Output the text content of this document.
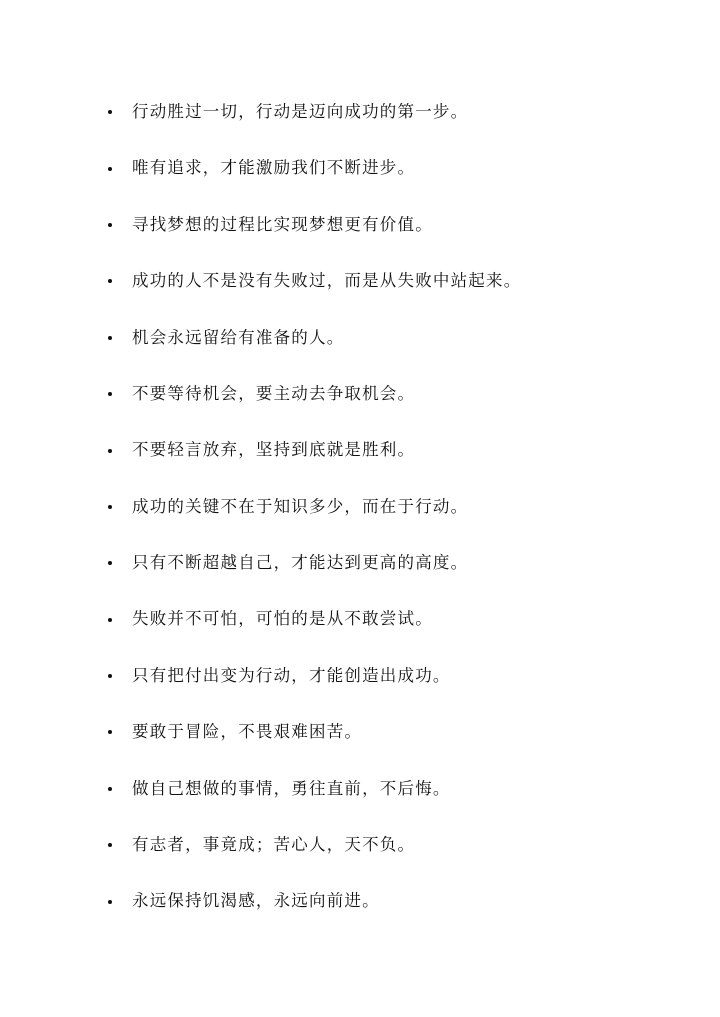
行动胜过一切，行动是迈向成功的第一步。
唯有追求，才能激励我们不断进步。
寻找梦想的过程比实现梦想更有价值。
成功的人不是没有失败过，而是从失败中站起来。
机会永远留给有准备的人。
不要等待机会，要主动去争取机会。
不要轻言放弃，坚持到底就是胜利。
成功的关键不在于知识多少，而在于行动。
只有不断超越自己，才能达到更高的高度。
失败并不可怕，可怕的是从不敢尝试。
只有把付出变为行动，才能创造出成功。
要敢于冒险，不畏艰难困苦。
做自己想做的事情，勇往直前，不后悔。
有志者，事竟成；苦心人，天不负。
永远保持饥渴感，永远向前进。
